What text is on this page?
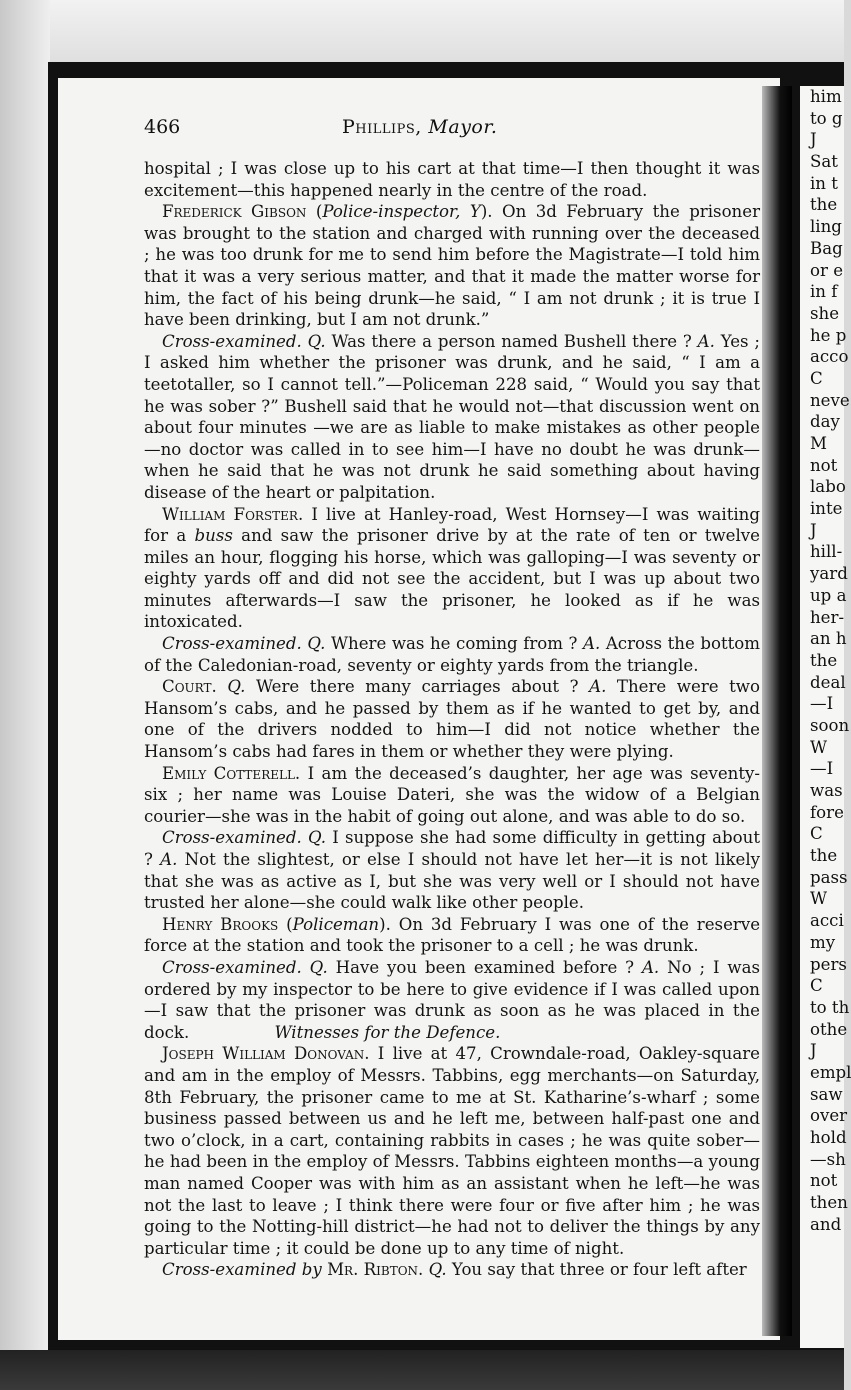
466	Phillips, Mayor.

hospital ; I was close up to his cart at that time—I then thought it was excitement—this happened nearly in the centre of the road.

Frederick Gibson (Police-inspector, Y). On 3d February the prisoner was brought to the station and charged with running over the deceased ; he was too drunk for me to send him before the Magistrate—I told him that it was a very serious matter, and that it made the matter worse for him, the fact of his being drunk—he said, “ I am not drunk ; it is true I have been drinking, but I am not drunk.”

Cross-examined. Q. Was there a person named Bushell there ? A. Yes ; I asked him whether the prisoner was drunk, and he said, “ I am a teetotaller, so I cannot tell.”—Policeman 228 said, “ Would you say that he was sober ?” Bushell said that he would not—that discussion went on about four minutes —we are as liable to make mistakes as other people—no doctor was called in to see him—I have no doubt he was drunk—when he said that he was not drunk he said something about having disease of the heart or palpitation.

William Forster. I live at Hanley-road, West Hornsey—I was waiting for a buss and saw the prisoner drive by at the rate of ten or twelve miles an hour, flogging his horse, which was galloping—I was seventy or eighty yards off and did not see the accident, but I was up about two minutes afterwards—I saw the prisoner, he looked as if he was intoxicated.

Cross-examined. Q. Where was he coming from ? A. Across the bottom of the Caledonian-road, seventy or eighty yards from the triangle.

Court. Q. Were there many carriages about ? A. There were two Hansom’s cabs, and he passed by them as if he wanted to get by, and one of the drivers nodded to him—I did not notice whether the Hansom’s cabs had fares in them or whether they were plying.

Emily Cotterell. I am the deceased’s daughter, her age was seventy-six ; her name was Louise Dateri, she was the widow of a Belgian courier—she was in the habit of going out alone, and was able to do so.

Cross-examined. Q. I suppose she had some difficulty in getting about ? A. Not the slightest, or else I should not have let her—it is not likely that she was as active as I, but she was very well or I should not have trusted her alone—she could walk like other people.

Henry Brooks (Policeman). On 3d February I was one of the reserve force at the station and took the prisoner to a cell ; he was drunk.

Cross-examined. Q. Have you been examined before ? A. No ; I was ordered by my inspector to be here to give evidence if I was called upon—I saw that the prisoner was drunk as soon as he was placed in the dock.	Witnesses for the Defence.

Joseph William Donovan. I live at 47, Crowndale-road, Oakley-square and am in the employ of Messrs. Tabbins, egg merchants—on Saturday, 8th February, the prisoner came to me at St. Katharine’s-wharf ; some business passed between us and he left me, between half-past one and two o’clock, in a cart, containing rabbits in cases ; he was quite sober—he had been in the employ of Messrs. Tabbins eighteen months—a young man named Cooper was with him as an assistant when he left—he was not the last to leave ; I think there were four or five after him ; he was going to the Notting-hill district—he had not to deliver the things by any particular time ; it could be done up to any time of night.

Cross-examined by Mr. Ribton. Q. You say that three or four left after

him
to g
J
Sat
in t
the
ling
Bag
or e
in f
she
he p
acco
C
neve
day
M
not
labo
inte
J
hill-
yard
up a
her-
an h
the
deal
—I
soon
W
—I
was
fore
C
the
pass
W
acci
my
pers
C
to th
othe
J
empl
saw
over
hold
—sh
not
then
and
